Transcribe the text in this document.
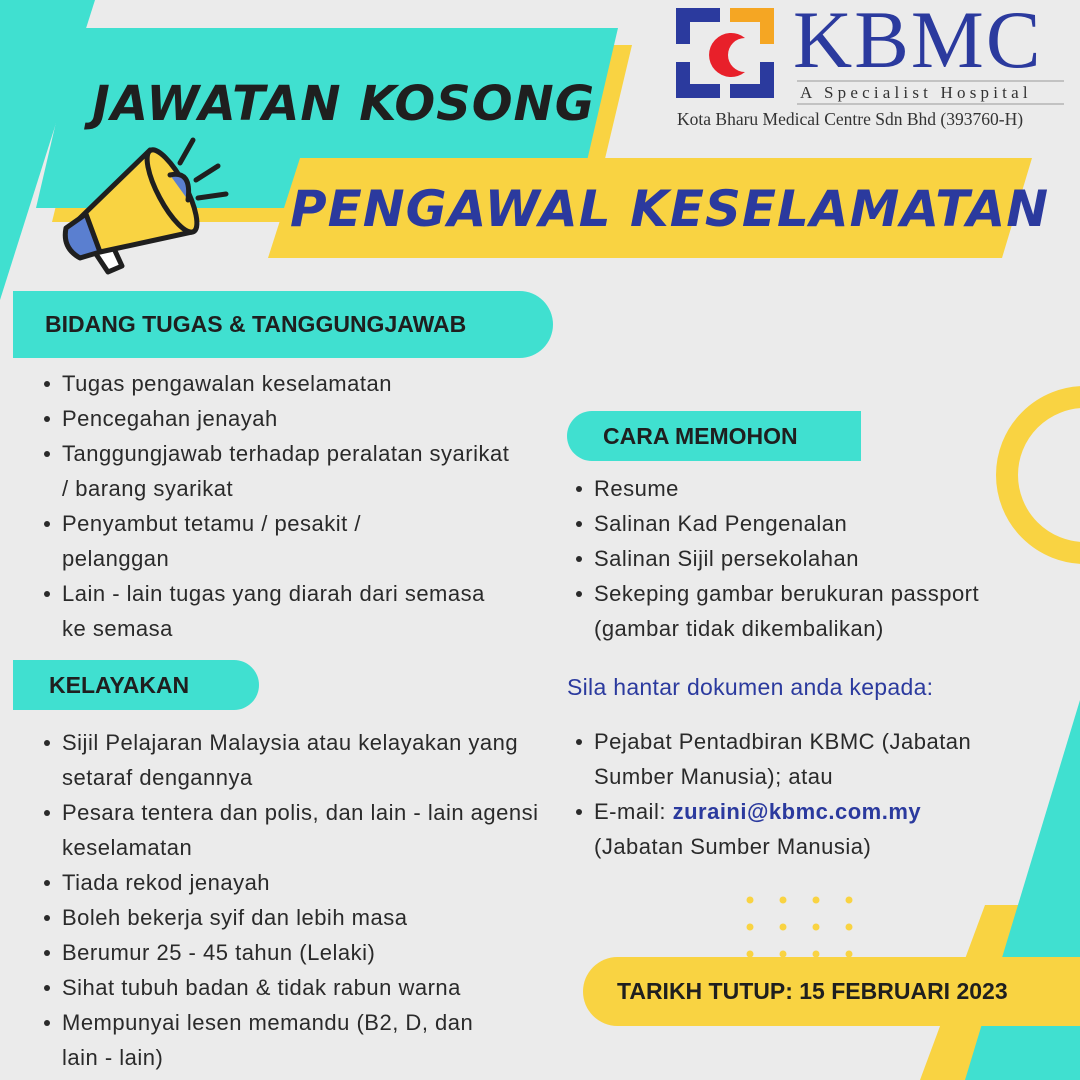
KBMC
A Specialist Hospital
Kota Bharu Medical Centre Sdn Bhd (393760-H)
JAWATAN KOSONG
PENGAWAL KESELAMATAN
BIDANG TUGAS & TANGGUNGJAWAB
Tugas pengawalan keselamatan
Pencegahan jenayah
Tanggungjawab terhadap peralatan syarikat / barang syarikat
Penyambut tetamu / pesakit / pelanggan
Lain - lain tugas yang diarah dari semasa ke semasa
KELAYAKAN
Sijil Pelajaran Malaysia atau kelayakan yang setaraf dengannya
Pesara tentera dan polis, dan lain - lain agensi keselamatan
Tiada rekod jenayah
Boleh bekerja syif dan lebih masa
Berumur 25 - 45 tahun (Lelaki)
Sihat tubuh badan & tidak rabun warna
Mempunyai lesen memandu (B2, D, dan lain - lain)
CARA MEMOHON
Resume
Salinan Kad Pengenalan
Salinan Sijil persekolahan
Sekeping gambar berukuran passport (gambar tidak dikembalikan)
Sila hantar dokumen anda kepada:
Pejabat Pentadbiran KBMC (Jabatan Sumber Manusia); atau
E-mail: zuraini@kbmc.com.my
(Jabatan Sumber Manusia)
TARIKH TUTUP: 15 FEBRUARI 2023
